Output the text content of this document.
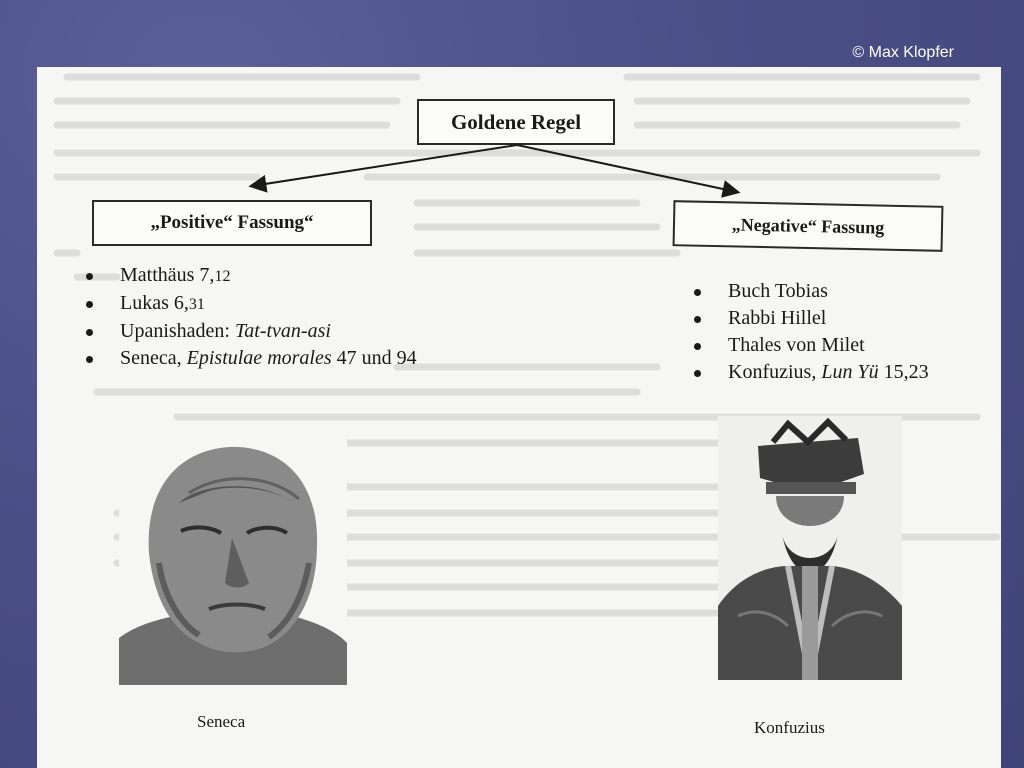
© Max Klopfer
Goldene Regel
„Positive“ Fassung“	„Negative“ Fassung
Matthäus 7,12
Lukas 6,31
Upanishaden: Tat-tvan-asi
Seneca, Epistulae morales 47 und 94
Buch Tobias
Rabbi Hillel
Thales von Milet
Konfuzius, Lun Yü 15,23
Seneca	Konfuzius
